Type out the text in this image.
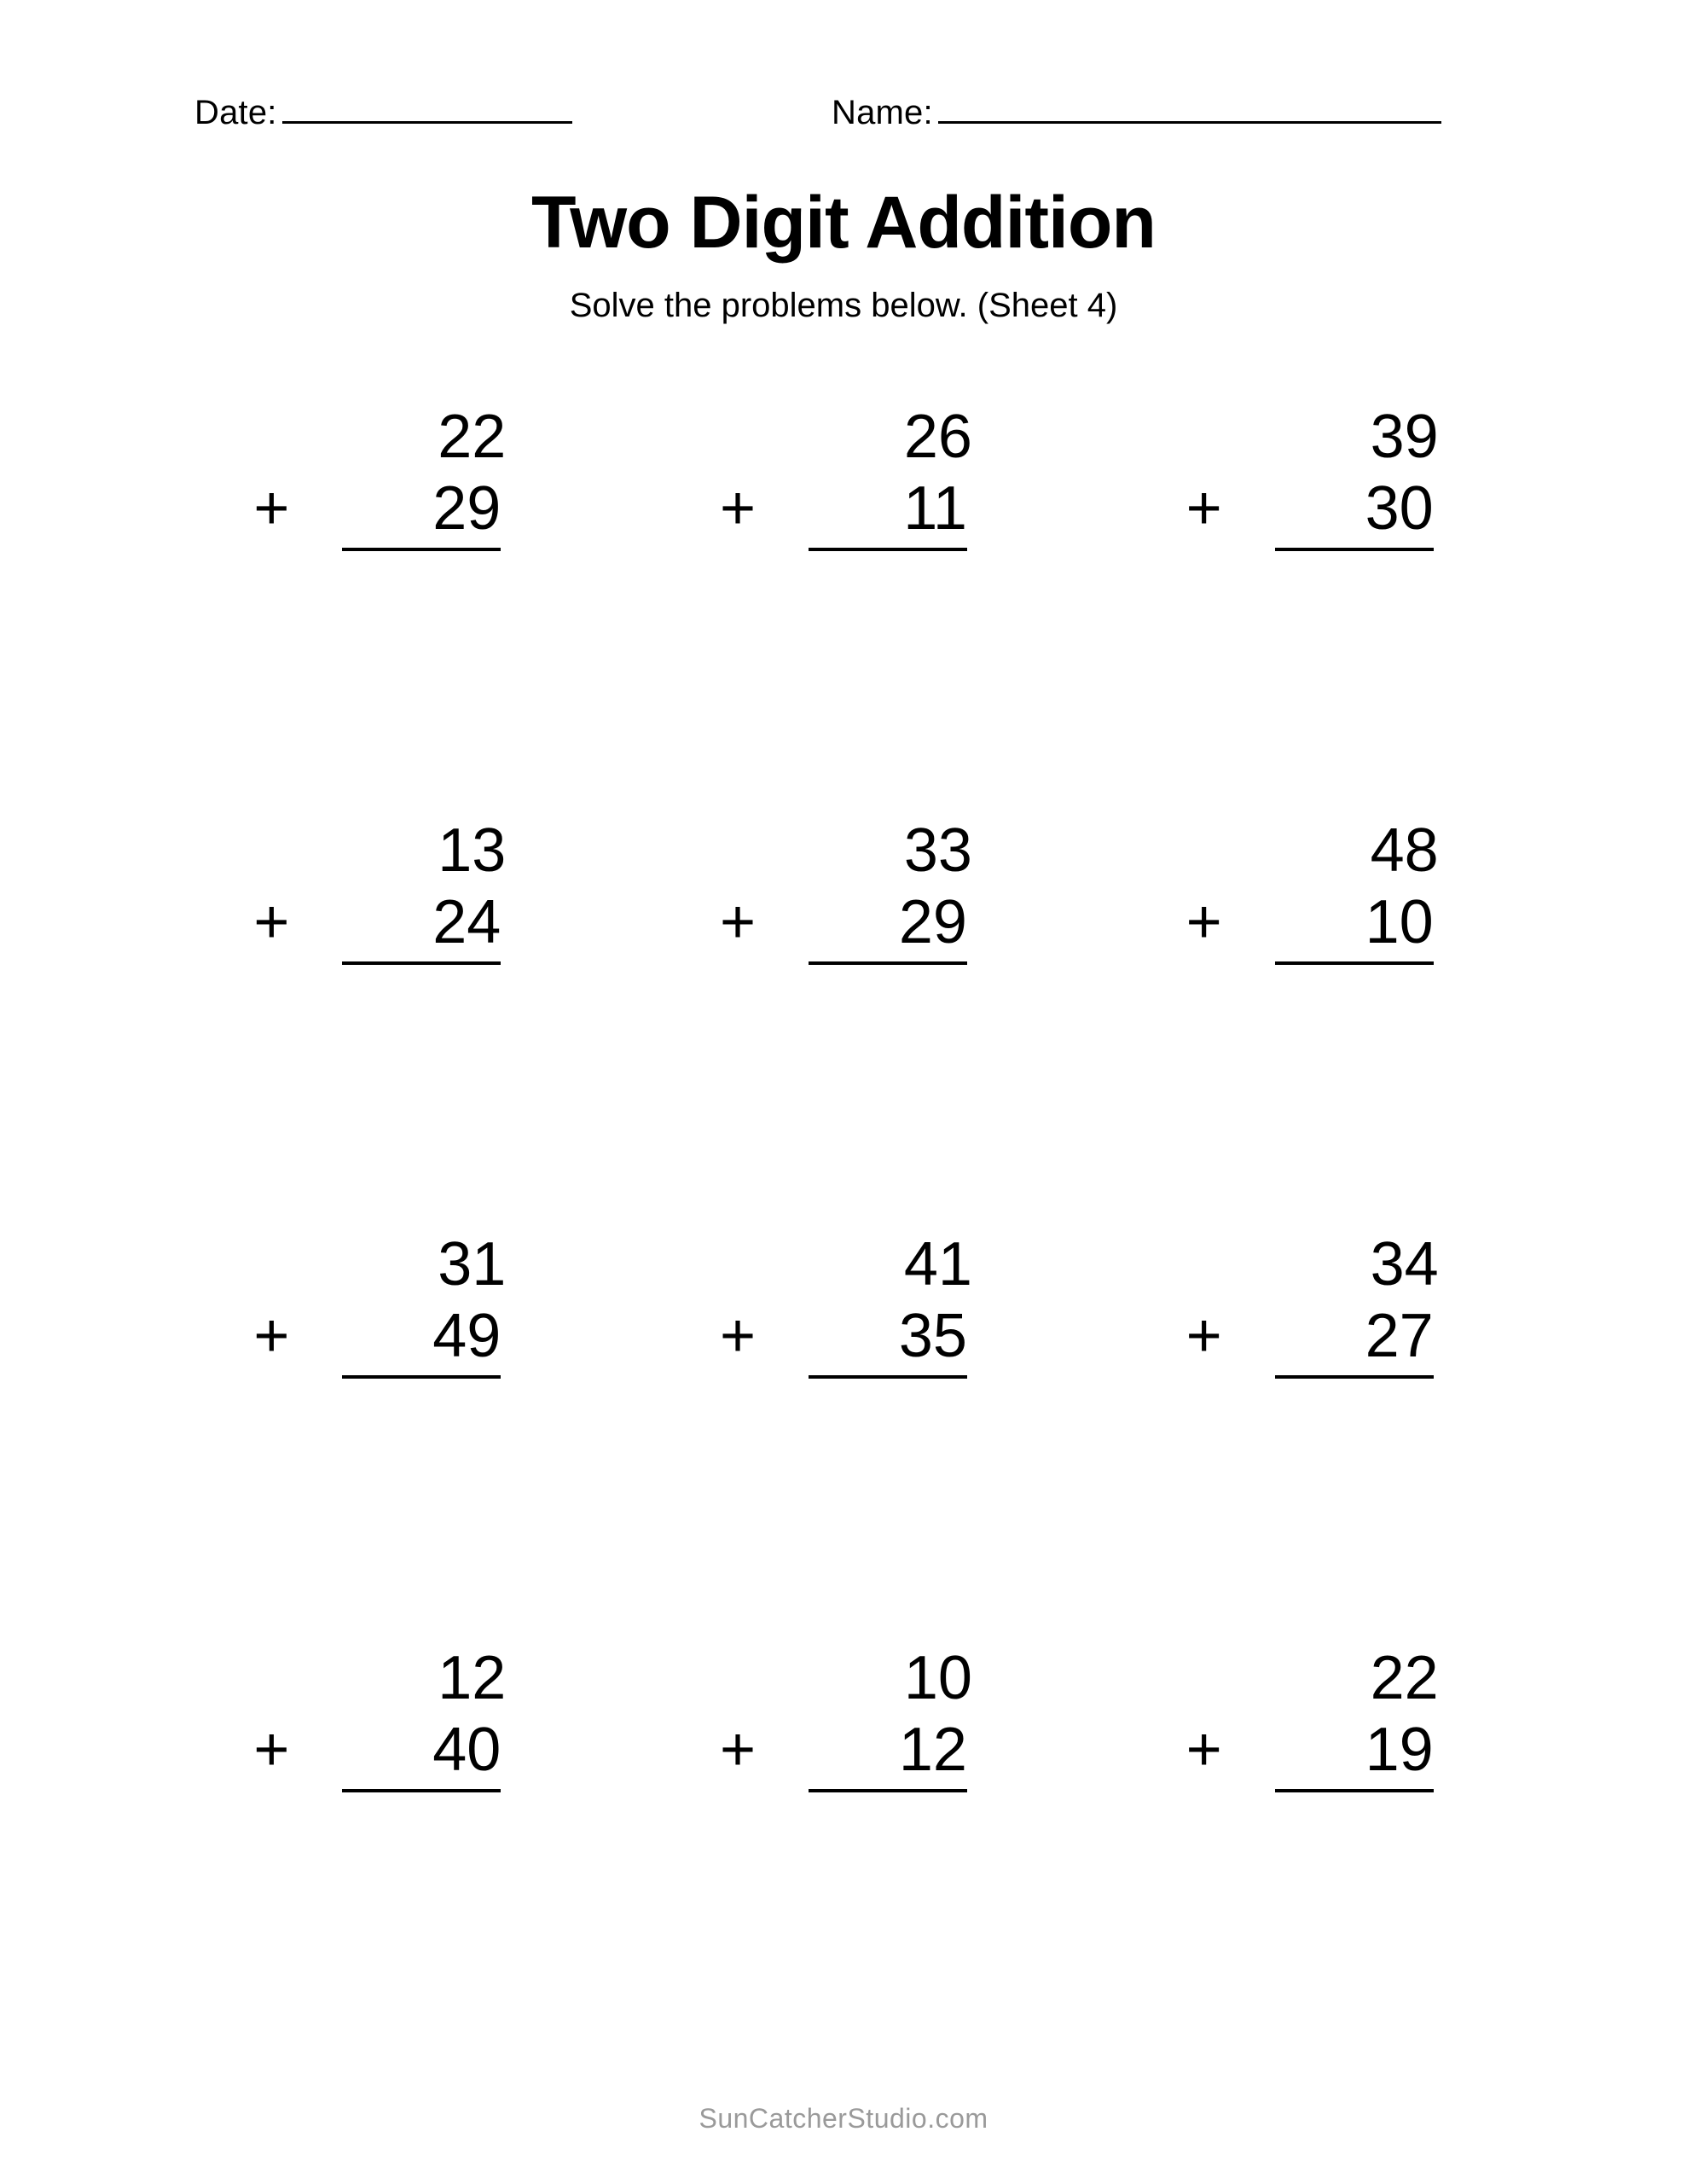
Date:	Name:
Two Digit Addition
Solve the problems below. (Sheet 4)
22
+ 29
26
+ 11
39
+ 30
13
+ 24
33
+ 29
48
+ 10
31
+ 49
41
+ 35
34
+ 27
12
+ 40
10
+ 12
22
+ 19
SunCatcherStudio.com
